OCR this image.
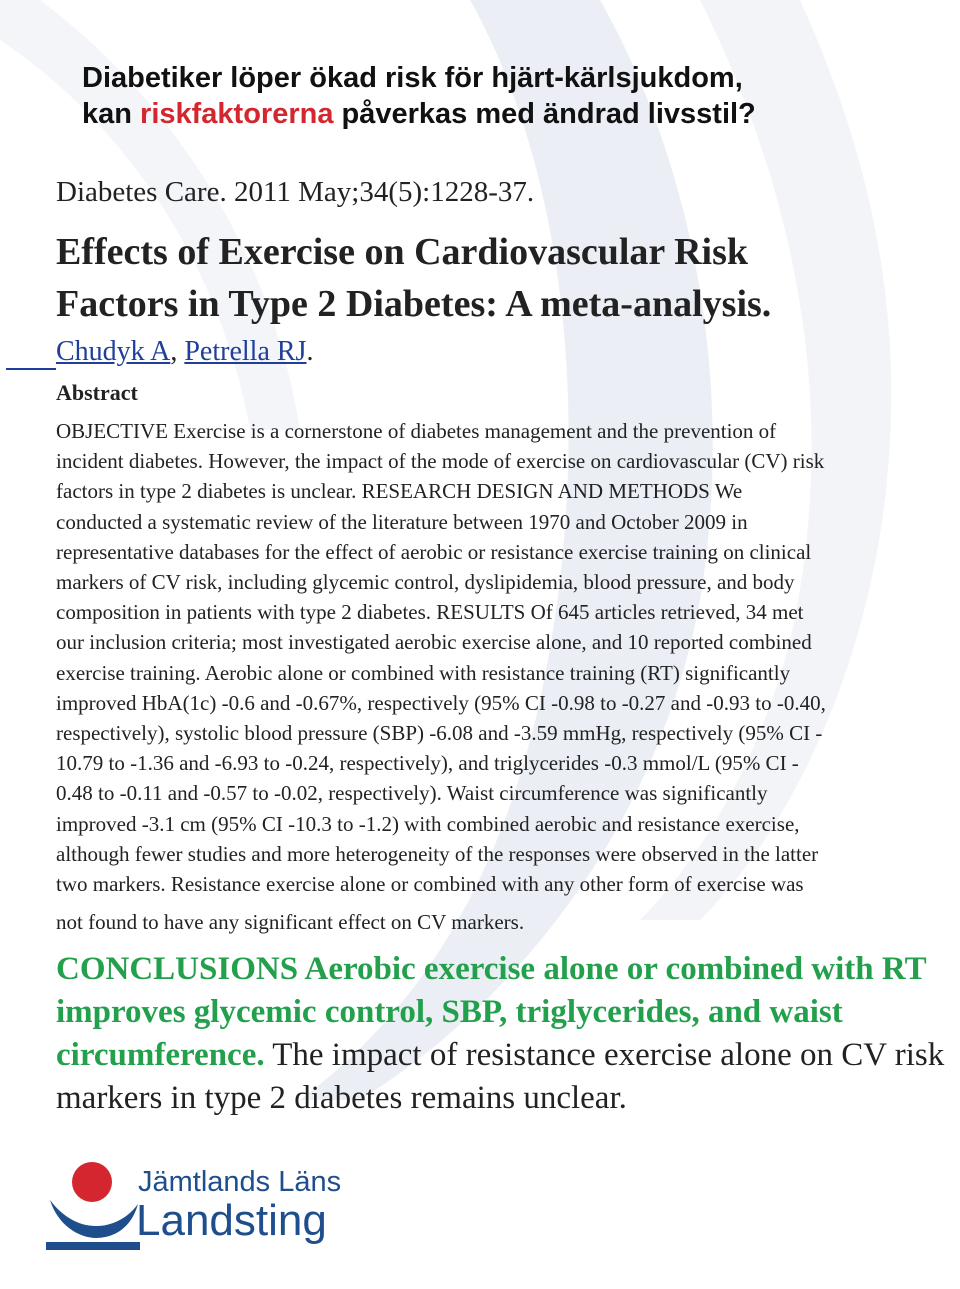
Diabetiker löper ökad risk för hjärt-kärlsjukdom,
kan riskfaktorerna påverkas med ändrad livsstil?
Diabetes Care. 2011 May;34(5):1228-37.
Effects of Exercise on Cardiovascular Risk
Factors in Type 2 Diabetes: A meta-analysis.
Chudyk A, Petrella RJ.
Abstract
OBJECTIVE Exercise is a cornerstone of diabetes management and the prevention of
incident diabetes. However, the impact of the mode of exercise on cardiovascular (CV) risk
factors in type 2 diabetes is unclear. RESEARCH DESIGN AND METHODS We
conducted a systematic review of the literature between 1970 and October 2009 in
representative databases for the effect of aerobic or resistance exercise training on clinical
markers of CV risk, including glycemic control, dyslipidemia, blood pressure, and body
composition in patients with type 2 diabetes. RESULTS Of 645 articles retrieved, 34 met
our inclusion criteria; most investigated aerobic exercise alone, and 10 reported combined
exercise training. Aerobic alone or combined with resistance training (RT) significantly
improved HbA(1c) -0.6 and -0.67%, respectively (95% CI -0.98 to -0.27 and -0.93 to -0.40,
respectively), systolic blood pressure (SBP) -6.08 and -3.59 mmHg, respectively (95% CI -
10.79 to -1.36 and -6.93 to -0.24, respectively), and triglycerides -0.3 mmol/L (95% CI -
0.48 to -0.11 and -0.57 to -0.02, respectively). Waist circumference was significantly
improved -3.1 cm (95% CI -10.3 to -1.2) with combined aerobic and resistance exercise,
although fewer studies and more heterogeneity of the responses were observed in the latter
two markers. Resistance exercise alone or combined with any other form of exercise was
not found to have any significant effect on CV markers.

CONCLUSIONS Aerobic exercise alone or combined with RT improves glycemic control, SBP, triglycerides, and waist circumference. The impact of resistance exercise alone on CV risk markers in type 2 diabetes remains unclear.

Jämtlands Läns
Landsting
